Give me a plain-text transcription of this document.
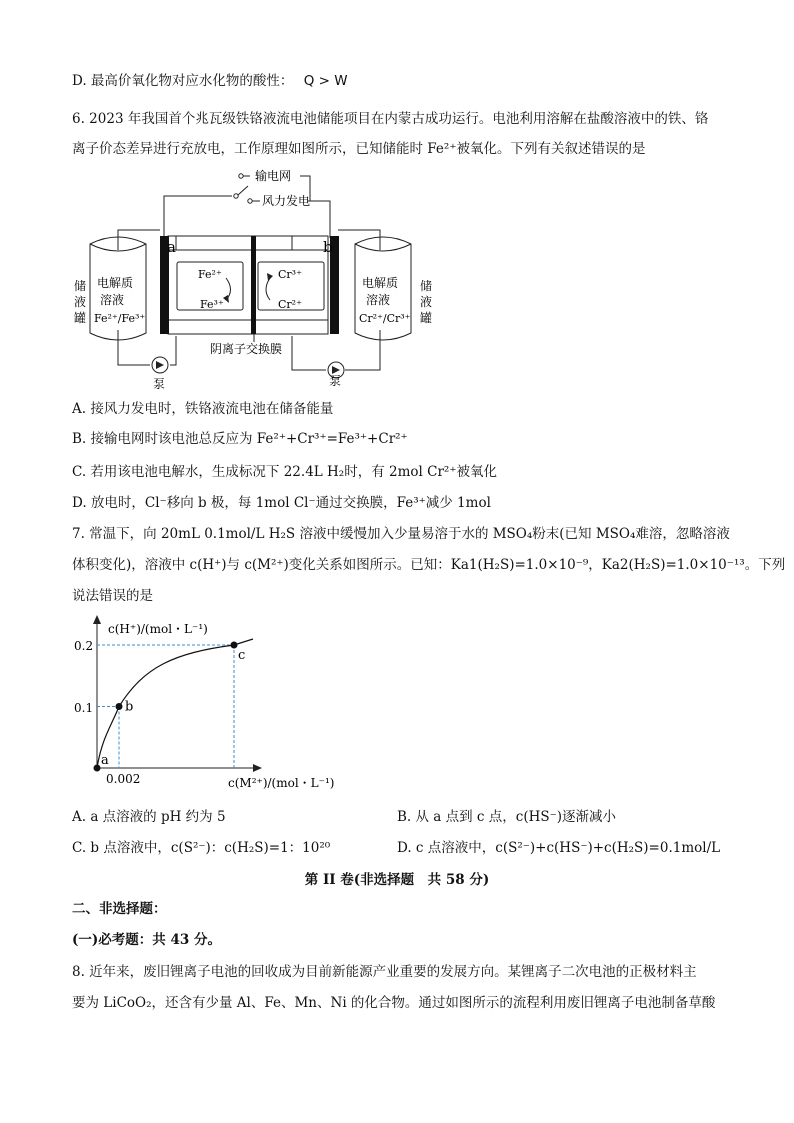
D. 最高价氧化物对应水化物的酸性： Q > W
6. 2023 年我国首个兆瓦级铁铬液流电池储能项目在内蒙古成功运行。电池利用溶解在盐酸溶液中的铁、铬
离子价态差异进行充放电，工作原理如图所示，已知储能时 Fe²⁺被氧化。下列有关叙述错误的是
输电网
风力发电
a	b
储
液
罐
电解质
溶液
Fe²⁺/Fe³⁺
储
液
罐
电解质
溶液
Cr²⁺/Cr³⁺
Fe²⁺
Fe³⁺
Cr³⁺
Cr²⁺
阴离子交换膜
泵	泵
A. 接风力发电时，铁铬液流电池在储备能量
B. 接输电网时该电池总反应为 Fe²⁺+Cr³⁺=Fe³⁺+Cr²⁺
C. 若用该电池电解水，生成标况下 22.4L H₂时，有 2mol Cr²⁺被氧化
D. 放电时，Cl⁻移向 b 极，每 1mol Cl⁻通过交换膜，Fe³⁺减少 1mol
7. 常温下，向 20mL 0.1mol/L H₂S 溶液中缓慢加入少量易溶于水的 MSO₄粉末(已知 MSO₄难溶，忽略溶液
体积变化)，溶液中 c(H⁺)与 c(M²⁺)变化关系如图所示。已知：Ka1(H₂S)=1.0×10⁻⁹，Ka2(H₂S)=1.0×10⁻¹³。下列
说法错误的是
a
b
c
c(H⁺)/(mol・L⁻¹)
c(M²⁺)/(mol・L⁻¹)
0.2
0.1
0.002
A. a 点溶液的 pH 约为 5	B. 从 a 点到 c 点，c(HS⁻)逐渐减小
C. b 点溶液中，c(S²⁻)：c(H₂S)=1：10²⁰	D. c 点溶液中，c(S²⁻)+c(HS⁻)+c(H₂S)=0.1mol/L
第 II 卷(非选择题　共 58 分)
二、非选择题：
(一)必考题：共 43 分。
8. 近年来，废旧锂离子电池的回收成为目前新能源产业重要的发展方向。某锂离子二次电池的正极材料主
要为 LiCoO₂，还含有少量 Al、Fe、Mn、Ni 的化合物。通过如图所示的流程利用废旧锂离子电池制备草酸
